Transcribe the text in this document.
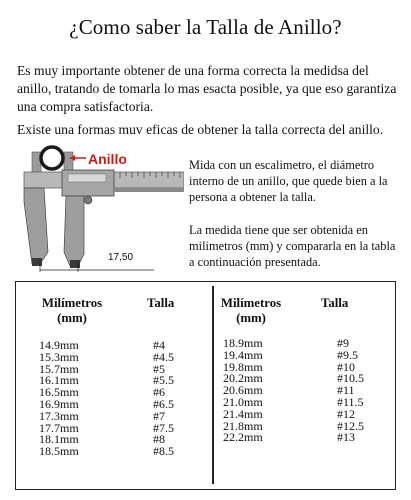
¿Como saber la Talla de Anillo?
Es muy importante obtener de una forma correcta la medidsa del anillo, tratando de tomarla lo mas esacta posible, ya que eso garantiza una compra satisfactoria.
Existe una formas muv eficas de obtener la talla correcta del anillo.
Anillo
17,50

Mida con un escalimetro, el diámetro interno de un anillo, que quede bien a la persona a obtener la talla.

La medida tiene que ser obtenida en milimetros (mm) y compararla en la tabla a continuación presentada.

Milímetros (mm)
Talla
14.9mm	#4
15.3mm	#4.5
15.7mm	#5
16.1mm	#5.5
16.5mm	#6
16.9mm	#6.5
17.3mm	#7
17.7mm	#7.5
18.1mm	#8
18.5mm	#8.5
Milímetros (mm)
Talla
18.9mm	#9
19.4mm	#9.5
19.8mm	#10
20.2mm	#10.5
20.6mm	#11
21.0mm	#11.5
21.4mm	#12
21.8mm	#12.5
22.2mm	#13
